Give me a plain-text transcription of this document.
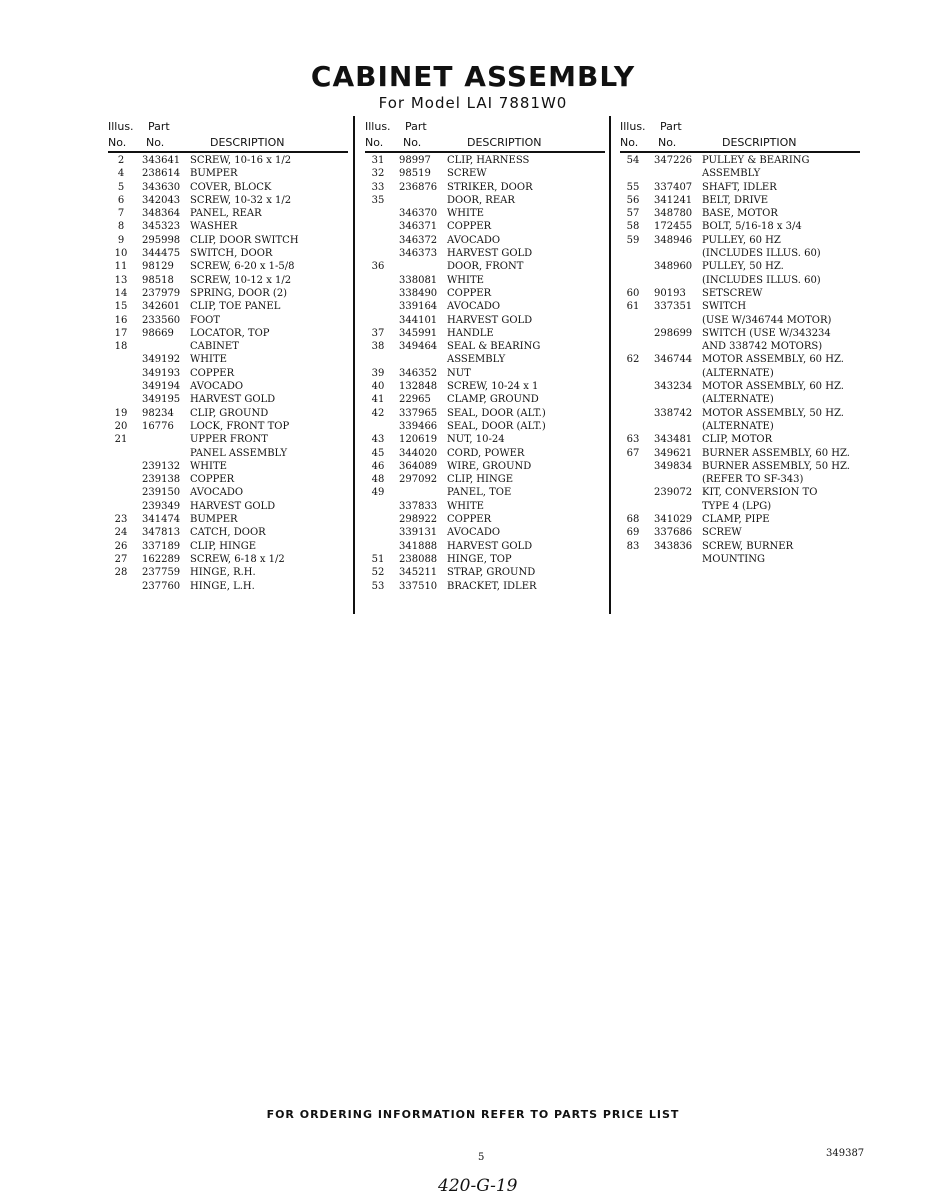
CABINET ASSEMBLY
For Model LAI 7881W0
Illus. Part
No. No.	DESCRIPTION
2	343641 SCREW, 10-16 x 1/2
4	238614 BUMPER
5	343630 COVER, BLOCK
6	342043 SCREW, 10-32 x 1/2
7	348364 PANEL, REAR
8	345323 WASHER
9	295998 CLIP, DOOR SWITCH
10	344475 SWITCH, DOOR
11	98129 SCREW, 6-20 x 1-5/8
13	98518 SCREW, 10-12 x 1/2
14	237979 SPRING, DOOR (2)
15	342601 CLIP, TOE PANEL
16	233560 FOOT
17	98669 LOCATOR, TOP
18	CABINET
349192 WHITE
349193 COPPER
349194 AVOCADO
349195 HARVEST GOLD
19	98234 CLIP, GROUND
20	16776 LOCK, FRONT TOP
21	UPPER FRONT
PANEL ASSEMBLY
239132 WHITE
239138 COPPER
239150 AVOCADO
239349 HARVEST GOLD
23	341474 BUMPER
24	347813 CATCH, DOOR
26	337189 CLIP, HINGE
27	162289 SCREW, 6-18 x 1/2
28	237759 HINGE, R.H.
237760 HINGE, L.H.
Illus. Part
No. No.	DESCRIPTION
31	98997 CLIP, HARNESS
32	98519 SCREW
33	236876 STRIKER, DOOR
35	DOOR, REAR
346370 WHITE
346371 COPPER
346372 AVOCADO
346373 HARVEST GOLD
36	DOOR, FRONT
338081 WHITE
338490 COPPER
339164 AVOCADO
344101 HARVEST GOLD
37	345991 HANDLE
38	349464 SEAL & BEARING
ASSEMBLY
39	346352 NUT
40	132848 SCREW, 10-24 x 1
41	22965 CLAMP, GROUND
42	337965 SEAL, DOOR (ALT.)
339466 SEAL, DOOR (ALT.)
43	120619 NUT, 10-24
45	344020 CORD, POWER
46	364089 WIRE, GROUND
48	297092 CLIP, HINGE
49	PANEL, TOE
337833 WHITE
298922 COPPER
339131 AVOCADO
341888 HARVEST GOLD
51	238088 HINGE, TOP
52	345211 STRAP, GROUND
53	337510 BRACKET, IDLER
Illus. Part
No. No.	DESCRIPTION
54	347226 PULLEY & BEARING
ASSEMBLY
55	337407 SHAFT, IDLER
56	341241 BELT, DRIVE
57	348780 BASE, MOTOR
58	172455 BOLT, 5/16-18 x 3/4
59	348946 PULLEY, 60 HZ
(INCLUDES ILLUS. 60)
348960 PULLEY, 50 HZ.
(INCLUDES ILLUS. 60)
60	90193 SETSCREW
61	337351 SWITCH
(USE W/346744 MOTOR)
298699 SWITCH (USE W/343234
AND 338742 MOTORS)
62	346744 MOTOR ASSEMBLY, 60 HZ.
(ALTERNATE)
343234 MOTOR ASSEMBLY, 60 HZ.
(ALTERNATE)
338742 MOTOR ASSEMBLY, 50 HZ.
(ALTERNATE)
63	343481 CLIP, MOTOR
67	349621 BURNER ASSEMBLY, 60 HZ.
349834 BURNER ASSEMBLY, 50 HZ.
(REFER TO SF-343)
239072 KIT, CONVERSION TO
TYPE 4 (LPG)
68	341029 CLAMP, PIPE
69	337686 SCREW
83	343836 SCREW, BURNER
MOUNTING
FOR ORDERING INFORMATION REFER TO PARTS PRICE LIST
5	349387
420-G-19
